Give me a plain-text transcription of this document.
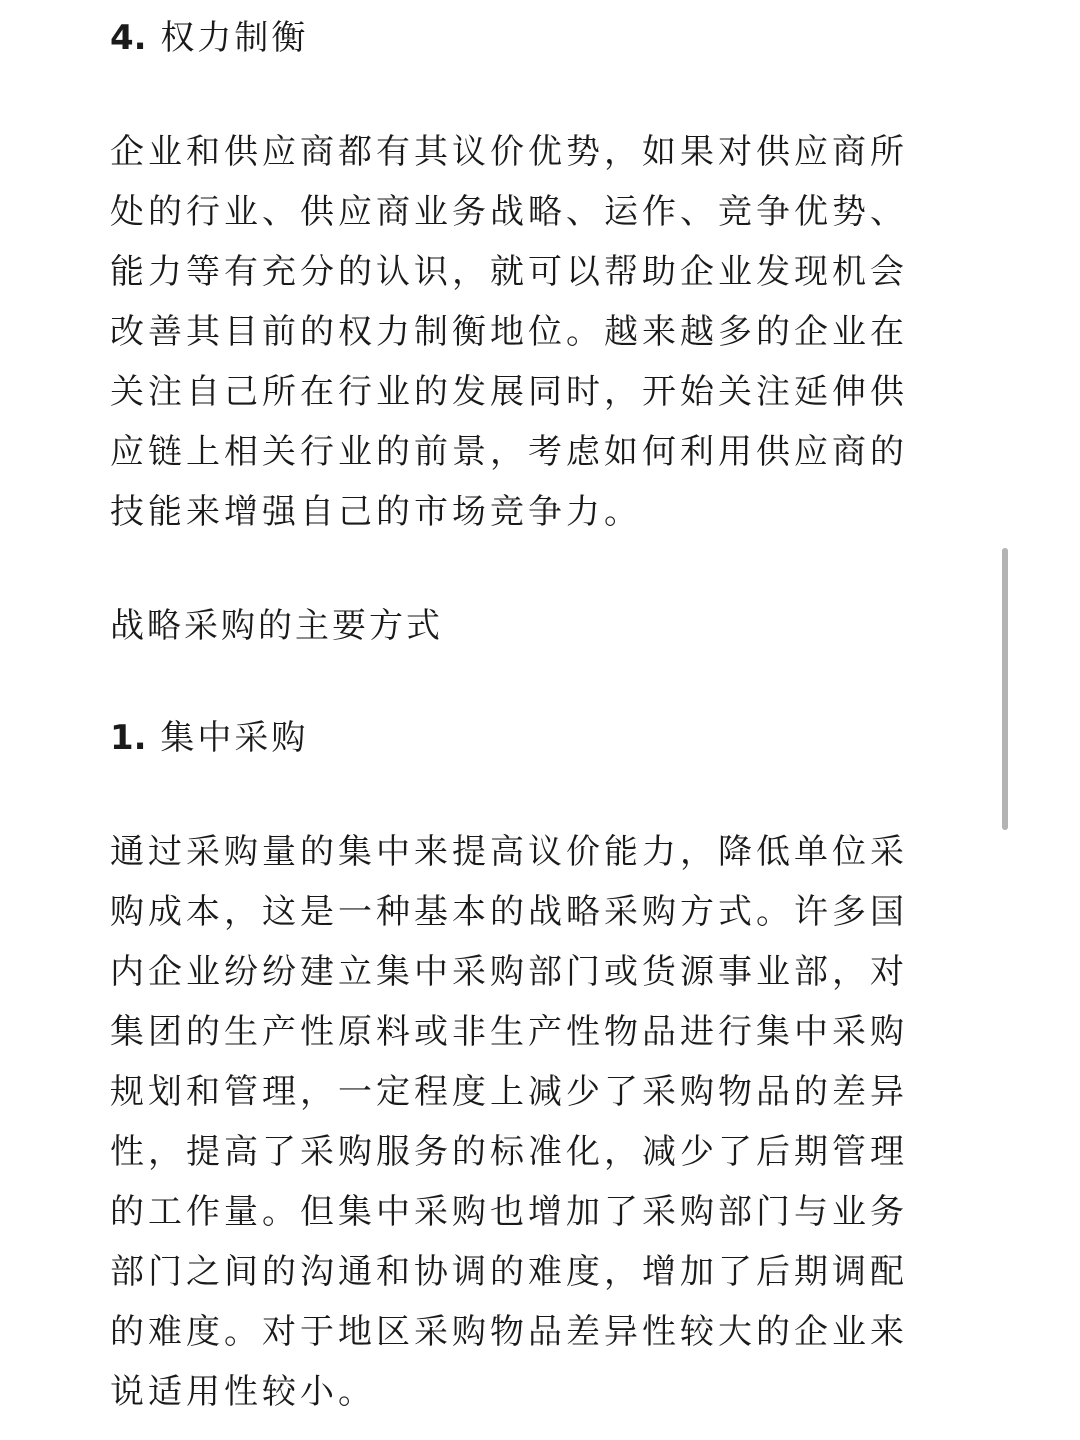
4. 权力制衡
企业和供应商都有其议价优势，如果对供应商所
处的行业、供应商业务战略、运作、竞争优势、
能力等有充分的认识，就可以帮助企业发现机会
改善其目前的权力制衡地位。越来越多的企业在
关注自己所在行业的发展同时，开始关注延伸供
应链上相关行业的前景，考虑如何利用供应商的
技能来增强自己的市场竞争力。
战略采购的主要方式
1. 集中采购
通过采购量的集中来提高议价能力，降低单位采
购成本，这是一种基本的战略采购方式。许多国
内企业纷纷建立集中采购部门或货源事业部，对
集团的生产性原料或非生产性物品进行集中采购
规划和管理，一定程度上减少了采购物品的差异
性，提高了采购服务的标准化，减少了后期管理
的工作量。但集中采购也增加了采购部门与业务
部门之间的沟通和协调的难度，增加了后期调配
的难度。对于地区采购物品差异性较大的企业来
说适用性较小。
